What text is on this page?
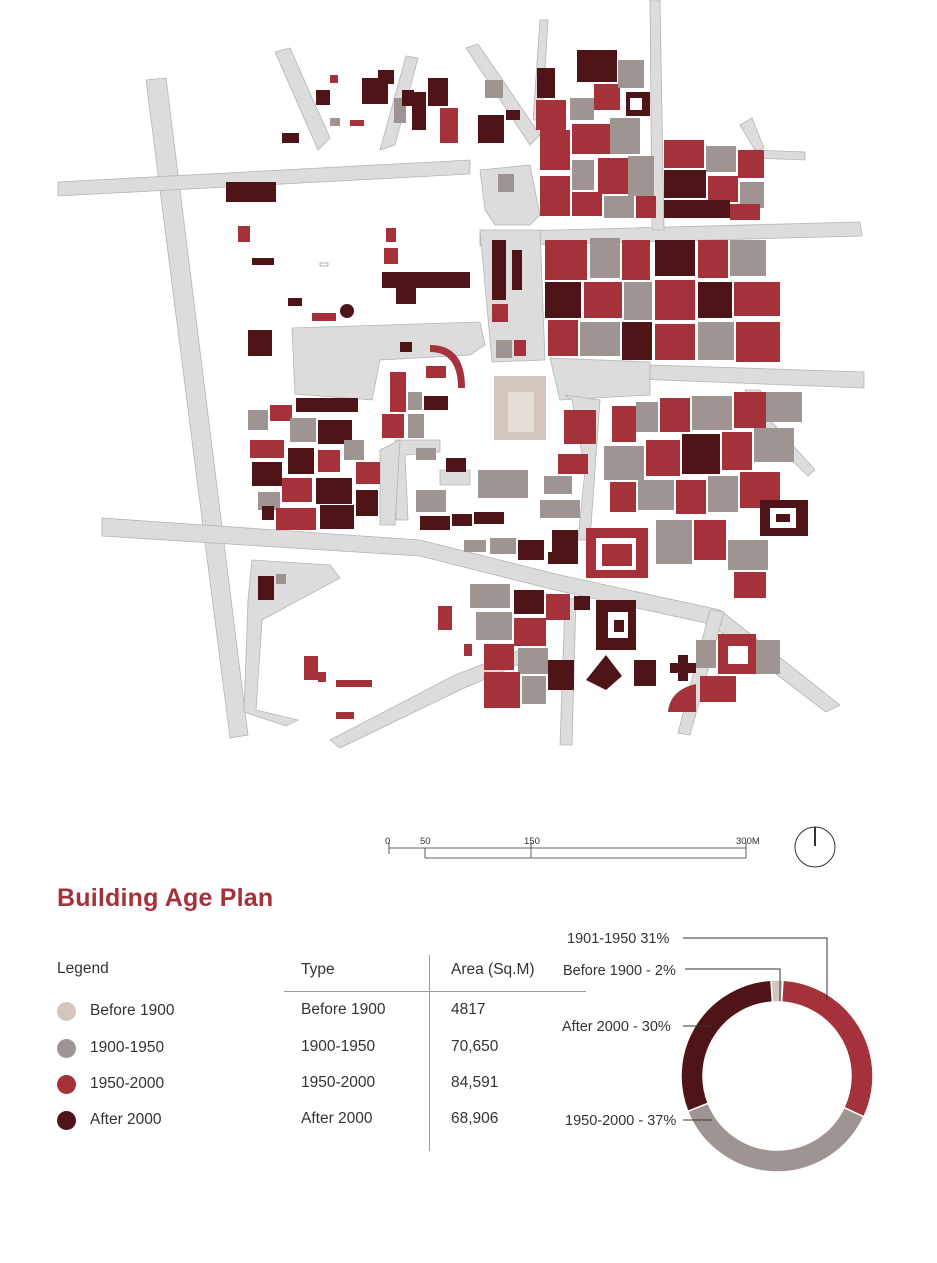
0	50	150	300M
Building Age Plan
Legend
Before 1900
1900-1950
1950-2000
After 2000
Type	Area (Sq.M)
Before 1900	4817
1900-1950	70,650
1950-2000	84,591
After 2000	68,906
1901-1950 31%
Before 1900 - 2%
After 2000 - 30%
1950-2000 - 37%
